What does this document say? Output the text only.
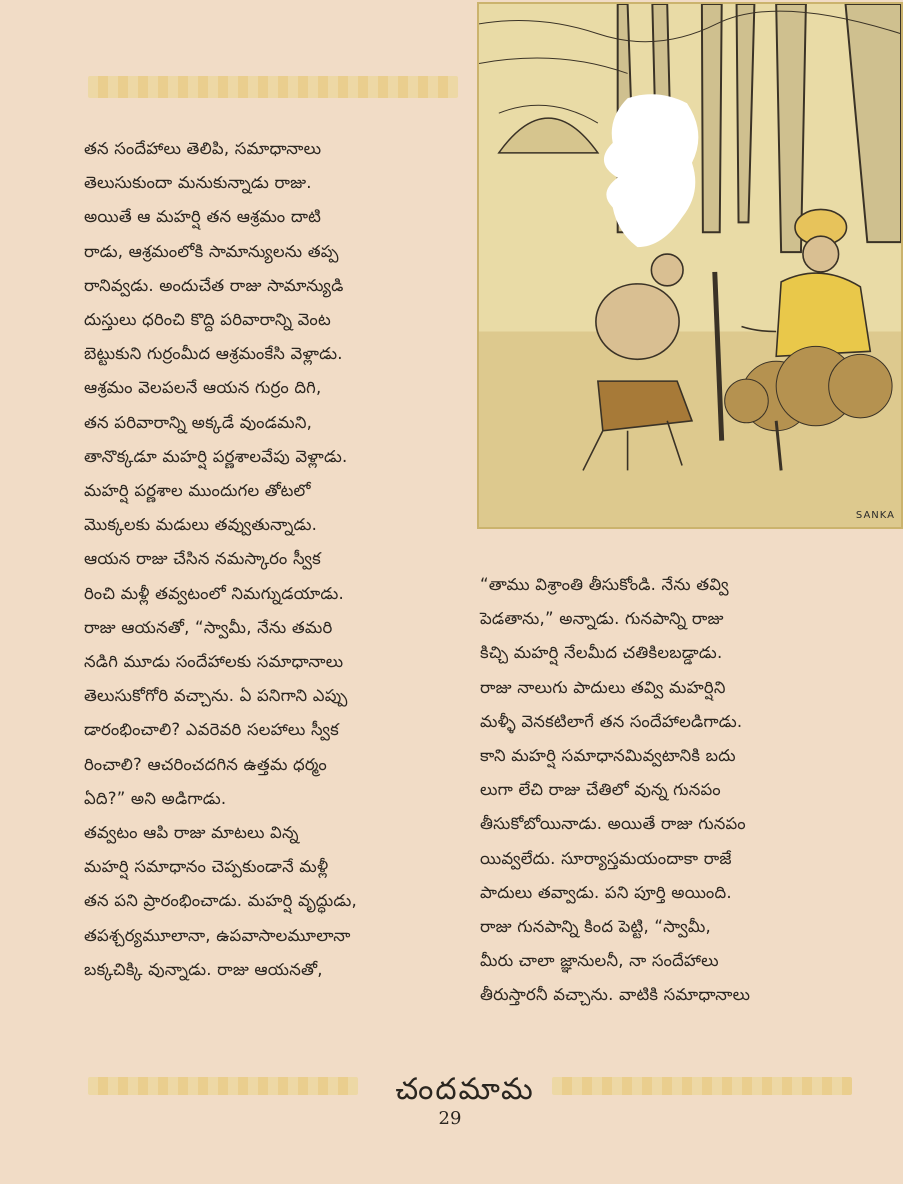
తన సందేహాలు తెలిపి, సమాధానాలు

తెలుసుకుందా మనుకున్నాడు రాజు.

అయితే ఆ మహర్షి తన ఆశ్రమం దాటి

రాడు, ఆశ్రమంలోకి సామాన్యులను తప్ప

రానివ్వడు. అందుచేత రాజు సామాన్యుడి

దుస్తులు ధరించి కొద్ది పరివారాన్ని వెంట

బెట్టుకుని గుర్రంమీద ఆశ్రమంకేసి వెళ్లాడు.

ఆశ్రమం వెలపలనే ఆయన గుర్రం దిగి,

తన పరివారాన్ని అక్కడే వుండమని,

తానొక్కడూ మహర్షి పర్ణశాలవేపు వెళ్లాడు.

మహర్షి పర్ణశాల ముందుగల తోటలో

మొక్కలకు మడులు తవ్వుతున్నాడు.

ఆయన రాజు చేసిన నమస్కారం స్వీక

రించి మళ్లీ తవ్వటంలో నిమగ్నుడయాడు.

రాజు ఆయనతో, “స్వామీ, నేను తమరి

నడిగి మూడు సందేహాలకు సమాధానాలు

తెలుసుకోగోరి వచ్చాను. ఏ పనిగాని ఎప్పు

డారంభించాలి? ఎవరెవరి సలహాలు స్వీక

రించాలి? ఆచరించదగిన ఉత్తమ ధర్మం

ఏది?” అని అడిగాడు.

తవ్వటం ఆపి రాజు మాటలు విన్న

మహర్షి సమాధానం చెప్పకుండానే మళ్లీ

తన పని ప్రారంభించాడు. మహర్షి వృద్ధుడు,

తపశ్చర్యమూలానా, ఉపవాసాలమూలానా

బక్కచిక్కి వున్నాడు. రాజు ఆయనతో,

SANKA

“తాము విశ్రాంతి తీసుకోండి. నేను తవ్వి

పెడతాను,” అన్నాడు. గునపాన్ని రాజు

కిచ్చి మహర్షి నేలమీద చతికిలబడ్డాడు.

రాజు నాలుగు పాదులు తవ్వి మహర్షిని

మళ్ళీ వెనకటిలాగే తన సందేహాలడిగాడు.

కాని మహర్షి సమాధానమివ్వటానికి బదు

లుగా లేచి రాజు చేతిలో వున్న గునపం

తీసుకోబోయినాడు. అయితే రాజు గునపం

యివ్వలేదు. సూర్యాస్తమయందాకా రాజే

పాదులు తవ్వాడు. పని పూర్తి అయింది.

రాజు గునపాన్ని కింద పెట్టి, “స్వామీ,

మీరు చాలా జ్ఞానులనీ, నా సందేహాలు

తీరుస్తారనీ వచ్చాను. వాటికి సమాధానాలు

చందమామ
29
